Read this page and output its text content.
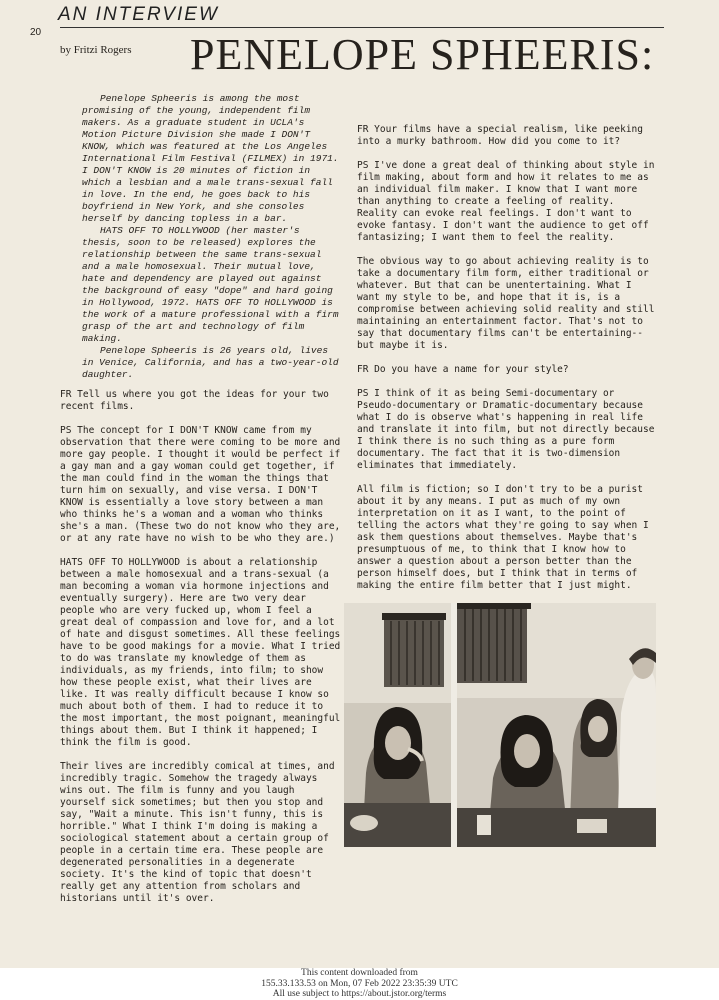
AN INTERVIEW
20
by Fritzi Rogers PENELOPE SPHEERIS:

Penelope Spheeris is among the most promising of the young, independent film makers. As a graduate student in UCLA's Motion Picture Division she made I DON'T KNOW, which was featured at the Los Angeles International Film Festival (FILMEX) in 1971. I DON'T KNOW is 20 minutes of fiction in which a lesbian and a male trans-sexual fall in love. In the end, he goes back to his boyfriend in New York, and she consoles herself by dancing topless in a bar.

HATS OFF TO HOLLYWOOD (her master's thesis, soon to be released) explores the relationship between the same trans-sexual and a male homosexual. Their mutual love, hate and dependency are played out against the background of easy "dope" and hard going in Hollywood, 1972. HATS OFF TO HOLLYWOOD is the work of a mature professional with a firm grasp of the art and technology of film making.

Penelope Spheeris is 26 years old, lives in Venice, California, and has a two-year-old daughter.

FR Tell us where you got the ideas for your two recent films.

PS The concept for I DON'T KNOW came from my observation that there were coming to be more and more gay people. I thought it would be perfect if a gay man and a gay woman could get together, if the man could find in the woman the things that turn him on sexually, and vise versa. I DON'T KNOW is essentially a love story between a man who thinks he's a woman and a woman who thinks she's a man. (These two do not know who they are, or at any rate have no wish to be who they are.)

HATS OFF TO HOLLYWOOD is about a relationship between a male homosexual and a trans-sexual (a man becoming a woman via hormone injections and eventually surgery). Here are two very dear people who are very fucked up, whom I feel a great deal of compassion and love for, and a lot of hate and disgust sometimes. All these feelings have to be good makings for a movie. What I tried to do was translate my knowledge of them as individuals, as my friends, into film; to show how these people exist, what their lives are like. It was really difficult because I know so much about both of them. I had to reduce it to the most important, the most poignant, meaningful things about them. But I think it happened; I think the film is good.

Their lives are incredibly comical at times, and incredibly tragic. Somehow the tragedy always wins out. The film is funny and you laugh yourself sick sometimes; but then you stop and say, "Wait a minute. This isn't funny, this is horrible." What I think I'm doing is making a sociological statement about a certain group of people in a certain time era. These people are degenerated personalities in a degenerate society. It's the kind of topic that doesn't really get any attention from scholars and historians until it's over.

FR Your films have a special realism, like peeking into a murky bathroom. How did you come to it?

PS I've done a great deal of thinking about style in film making, about form and how it relates to me as an individual film maker. I know that I want more than anything to create a feeling of reality. Reality can evoke real feelings. I don't want to evoke fantasy. I don't want the audience to get off fantasizing; I want them to feel the reality.

The obvious way to go about achieving reality is to take a documentary film form, either traditional or whatever. But that can be unentertaining. What I want my style to be, and hope that it is, is a compromise between achieving solid reality and still maintaining an entertainment factor. That's not to say that documentary films can't be entertaining-- but maybe it is.

FR Do you have a name for your style?

PS I think of it as being Semi-documentary or Pseudo-documentary or Dramatic-documentary because what I do is observe what's happening in real life and translate it into film, but not directly because I think there is no such thing as a pure form documentary. The fact that it is two-dimension eliminates that immediately.

All film is fiction; so I don't try to be a purist about it by any means. I put as much of my own interpretation on it as I want, to the point of telling the actors what they're going to say when I ask them questions about themselves. Maybe that's presumptuous of me, to think that I know how to answer a question about a person better than the person himself does, but I think that in terms of making the entire film better that I just might.

This content downloaded from
155.33.133.53 on Mon, 07 Feb 2022 23:35:39 UTC
All use subject to https://about.jstor.org/terms
